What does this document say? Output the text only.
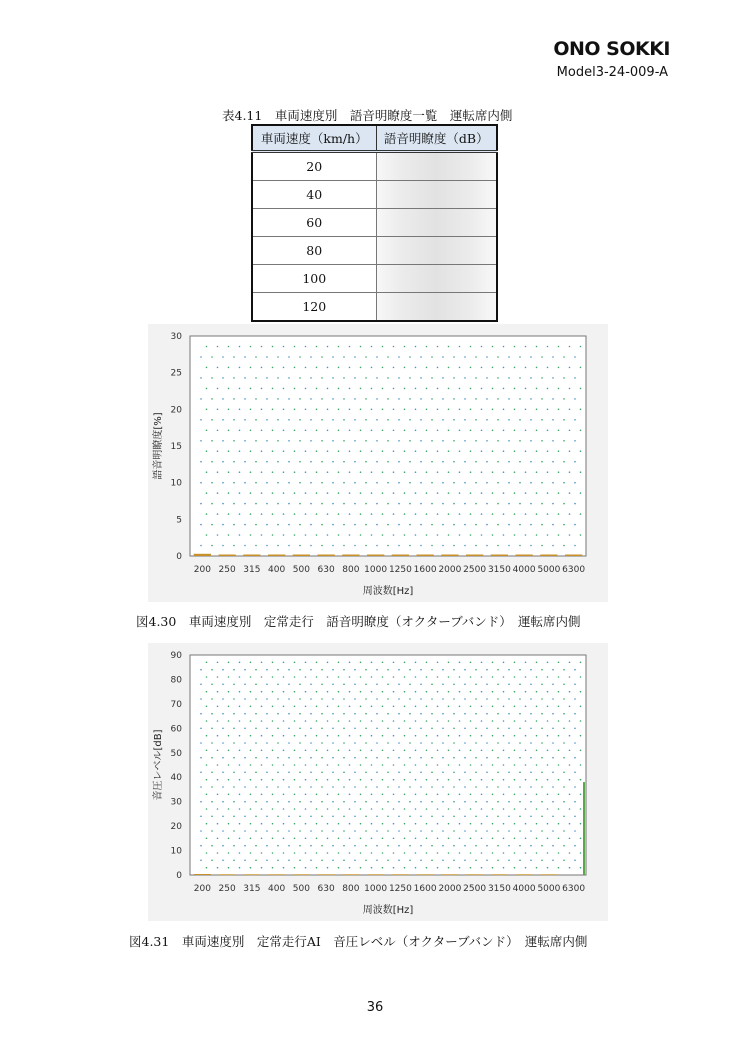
ONO SOKKI
Model3-24-009-A
表4.11　車両速度別　語音明瞭度一覧　運転席内側
車両速度（km/h）	語音明瞭度（dB）
20	
40	
60	
80	
100	
120	
0
5
10
15
20
25
30
200 250 315 400 500 630 800 1000 1250 1600 2000 2500 3150 4000 5000 6300
周波数[Hz]
語音明瞭度[%]
図4.30　車両速度別　定常走行　語音明瞭度（オクターブバンド）　運転席内側
0
10
20
30
40
50
60
70
80
90
200 250 315 400 500 630 800 1000 1250 1600 2000 2500 3150 4000 5000 6300
周波数[Hz]
音圧レベル[dB]
図4.31　車両速度別　定常走行AI　音圧レベル（オクターブバンド）　運転席内側
36
